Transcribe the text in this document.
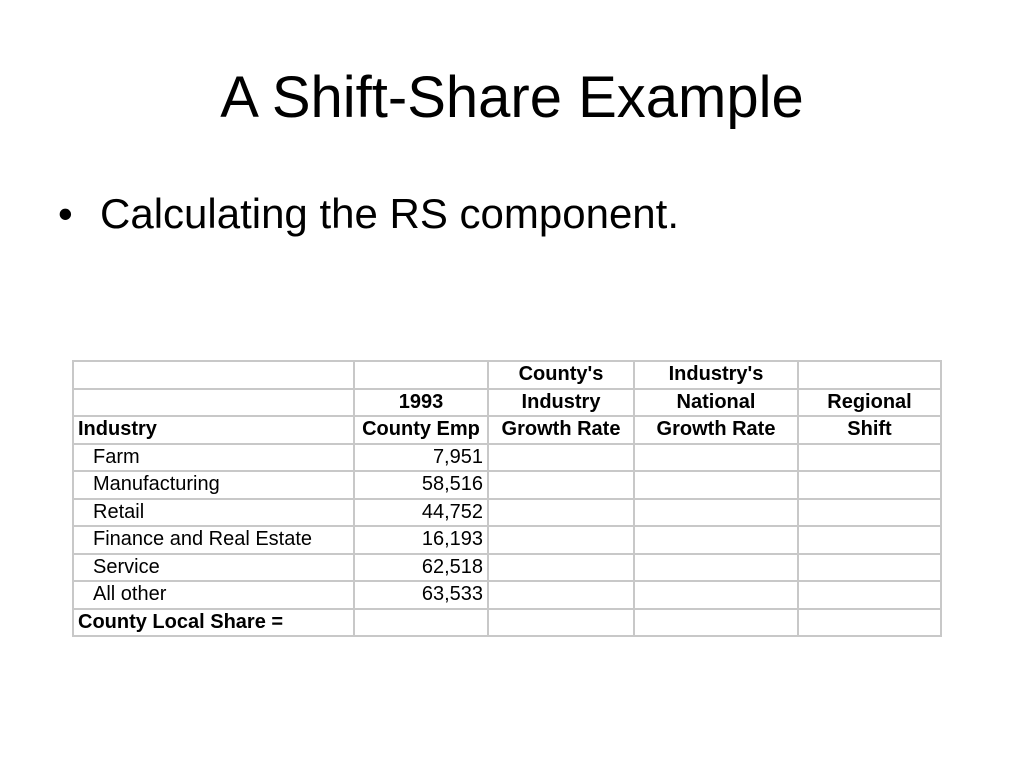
A Shift-Share Example
• Calculating the RS component.
		County's	Industry's	
	1993	Industry	National	Regional
Industry	County Emp	Growth Rate	Growth Rate	Shift
Farm	7,951			
Manufacturing	58,516			
Retail	44,752			
Finance and Real Estate	16,193			
Service	62,518			
All other	63,533			
County Local Share =				
